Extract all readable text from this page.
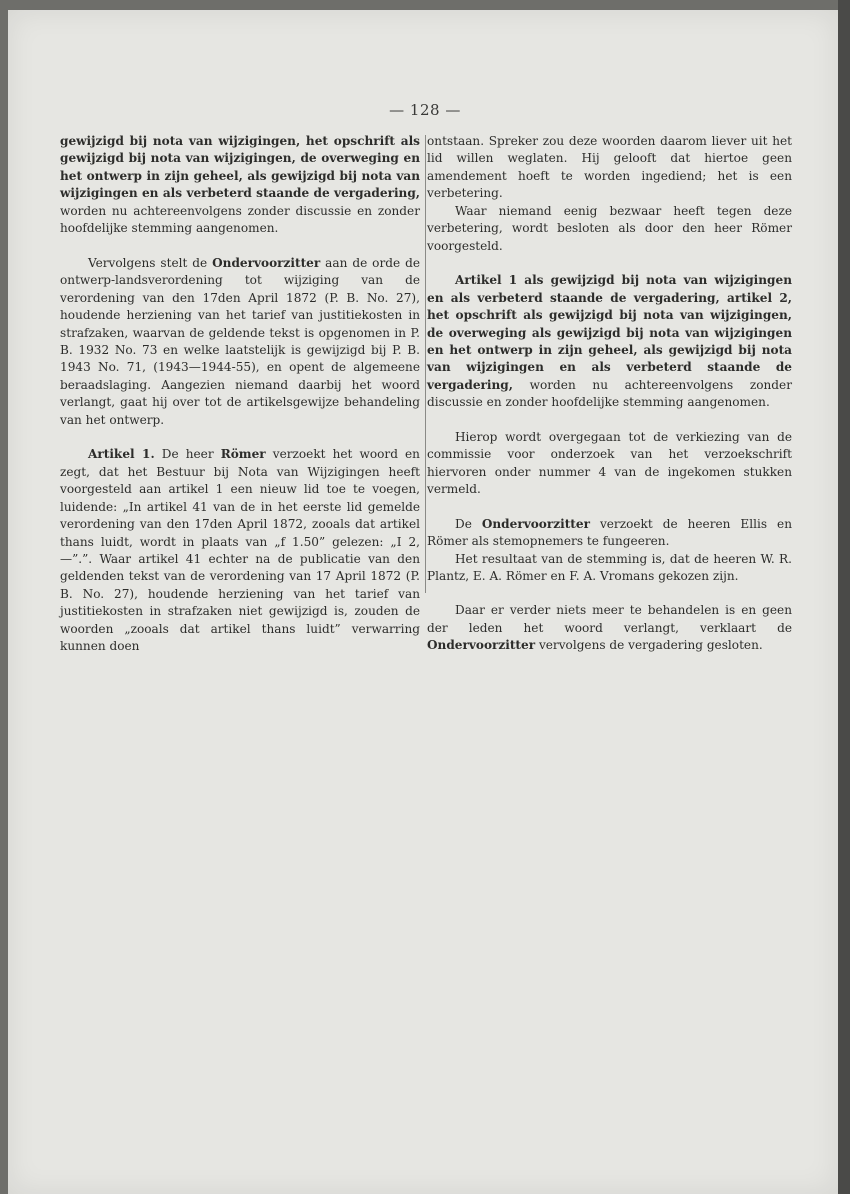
— 128 —

gewijzigd bij nota van wijzigingen, het opschrift als gewijzigd bij nota van wijzigingen, de overweging en het ontwerp in zijn geheel, als gewijzigd bij nota van wijzigingen en als verbeterd staande de vergadering, worden nu achtereenvolgens zonder discussie en zonder hoofdelijke stemming aangenomen.

Vervolgens stelt de Ondervoorzitter aan de orde de ontwerp-landsverordening tot wijziging van de verordening van den 17den April 1872 (P. B. No. 27), houdende herziening van het tarief van justitiekosten in strafzaken, waarvan de geldende tekst is opgenomen in P. B. 1932 No. 73 en welke laatstelijk is gewijzigd bij P. B. 1943 No. 71, (1943—1944-55), en opent de algemeene beraadslaging. Aangezien niemand daarbij het woord verlangt, gaat hij over tot de artikelsgewijze behandeling van het ontwerp.

Artikel 1. De heer Römer verzoekt het woord en zegt, dat het Bestuur bij Nota van Wijzigingen heeft voorgesteld aan artikel 1 een nieuw lid toe te voegen, luidende: „In artikel 41 van de in het eerste lid gemelde verordening van den 17den April 1872, zooals dat artikel thans luidt, wordt in plaats van „f 1.50” gelezen: „I 2,—”.”. Waar artikel 41 echter na de publicatie van den geldenden tekst van de verordening van 17 April 1872 (P. B. No. 27), houdende herziening van het tarief van justitiekosten in strafzaken niet gewijzigd is, zouden de woorden „zooals dat artikel thans luidt” verwarring kunnen doen

ontstaan. Spreker zou deze woorden daarom liever uit het lid willen weglaten. Hij gelooft dat hiertoe geen amendement hoeft te worden ingediend; het is een verbetering.

Waar niemand eenig bezwaar heeft tegen deze verbetering, wordt besloten als door den heer Römer voorgesteld.

Artikel 1 als gewijzigd bij nota van wijzigingen en als verbeterd staande de vergadering, artikel 2, het opschrift als gewijzigd bij nota van wijzigingen, de overweging als gewijzigd bij nota van wijzigingen en het ontwerp in zijn geheel, als gewijzigd bij nota van wijzigingen en als verbeterd staande de vergadering, worden nu achtereenvolgens zonder discussie en zonder hoofdelijke stemming aangenomen.

Hierop wordt overgegaan tot de verkiezing van de commissie voor onderzoek van het verzoekschrift hiervoren onder nummer 4 van de ingekomen stukken vermeld.

De Ondervoorzitter verzoekt de heeren Ellis en Römer als stemopnemers te fungeeren.

Het resultaat van de stemming is, dat de heeren W. R. Plantz, E. A. Römer en F. A. Vromans gekozen zijn.

Daar er verder niets meer te behandelen is en geen der leden het woord verlangt, verklaart de Ondervoorzitter vervolgens de vergadering gesloten.
